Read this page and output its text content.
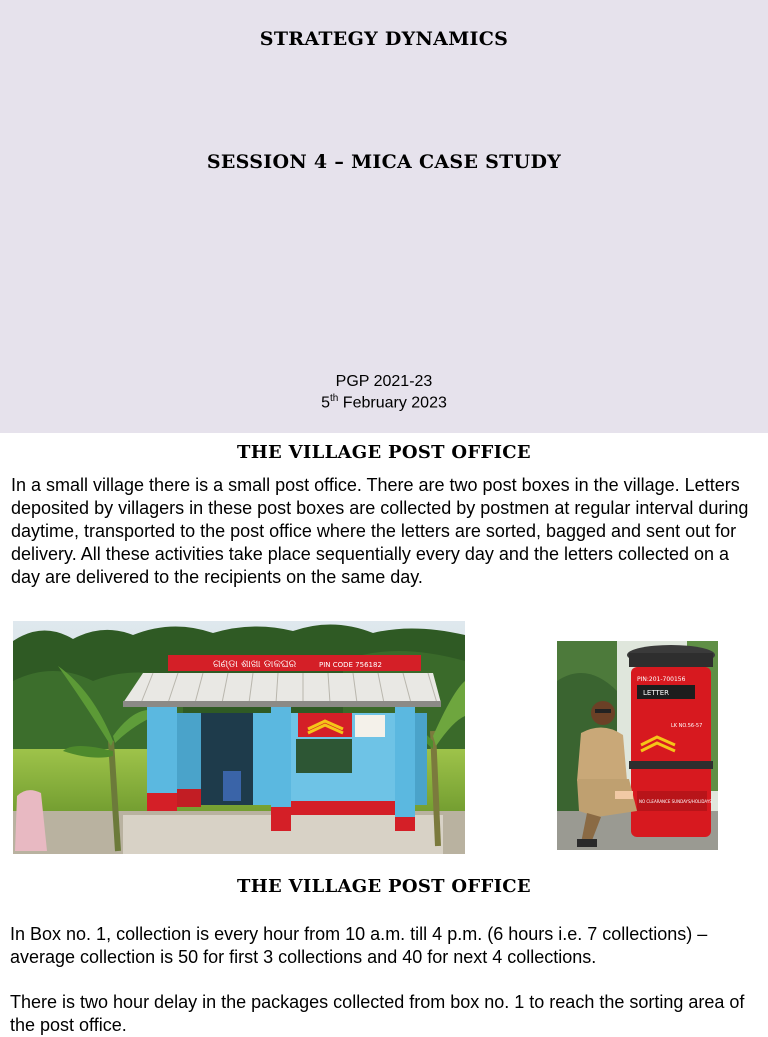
STRATEGY DYNAMICS
SESSION 4 – MICA CASE STUDY
PGP 2021-23
5th February 2023
THE VILLAGE POST OFFICE

In a small village there is a small post office. There are two post boxes in the village. Letters deposited by villagers in these post boxes are collected by postmen at regular interval during daytime, transported to the post office where the letters are sorted, bagged and sent out for delivery. All these activities take place sequentially every day and the letters collected on a day are delivered to the recipients on the same day.

ଗଣ୍ଡା ଶାଖା ଡାକଘର	PIN CODE 756182
LETTER
PIN:201-700156
LK NO.56-57
NO CLEARANCE SUNDAYS/HOLIDAYS
THE VILLAGE POST OFFICE

In Box no. 1, collection is every hour from 10 a.m. till 4 p.m. (6 hours i.e. 7 collections) – average collection is 50 for first 3 collections and 40 for next 4 collections.

There is two hour delay in the packages collected from box no. 1 to reach the sorting area of the post office.
